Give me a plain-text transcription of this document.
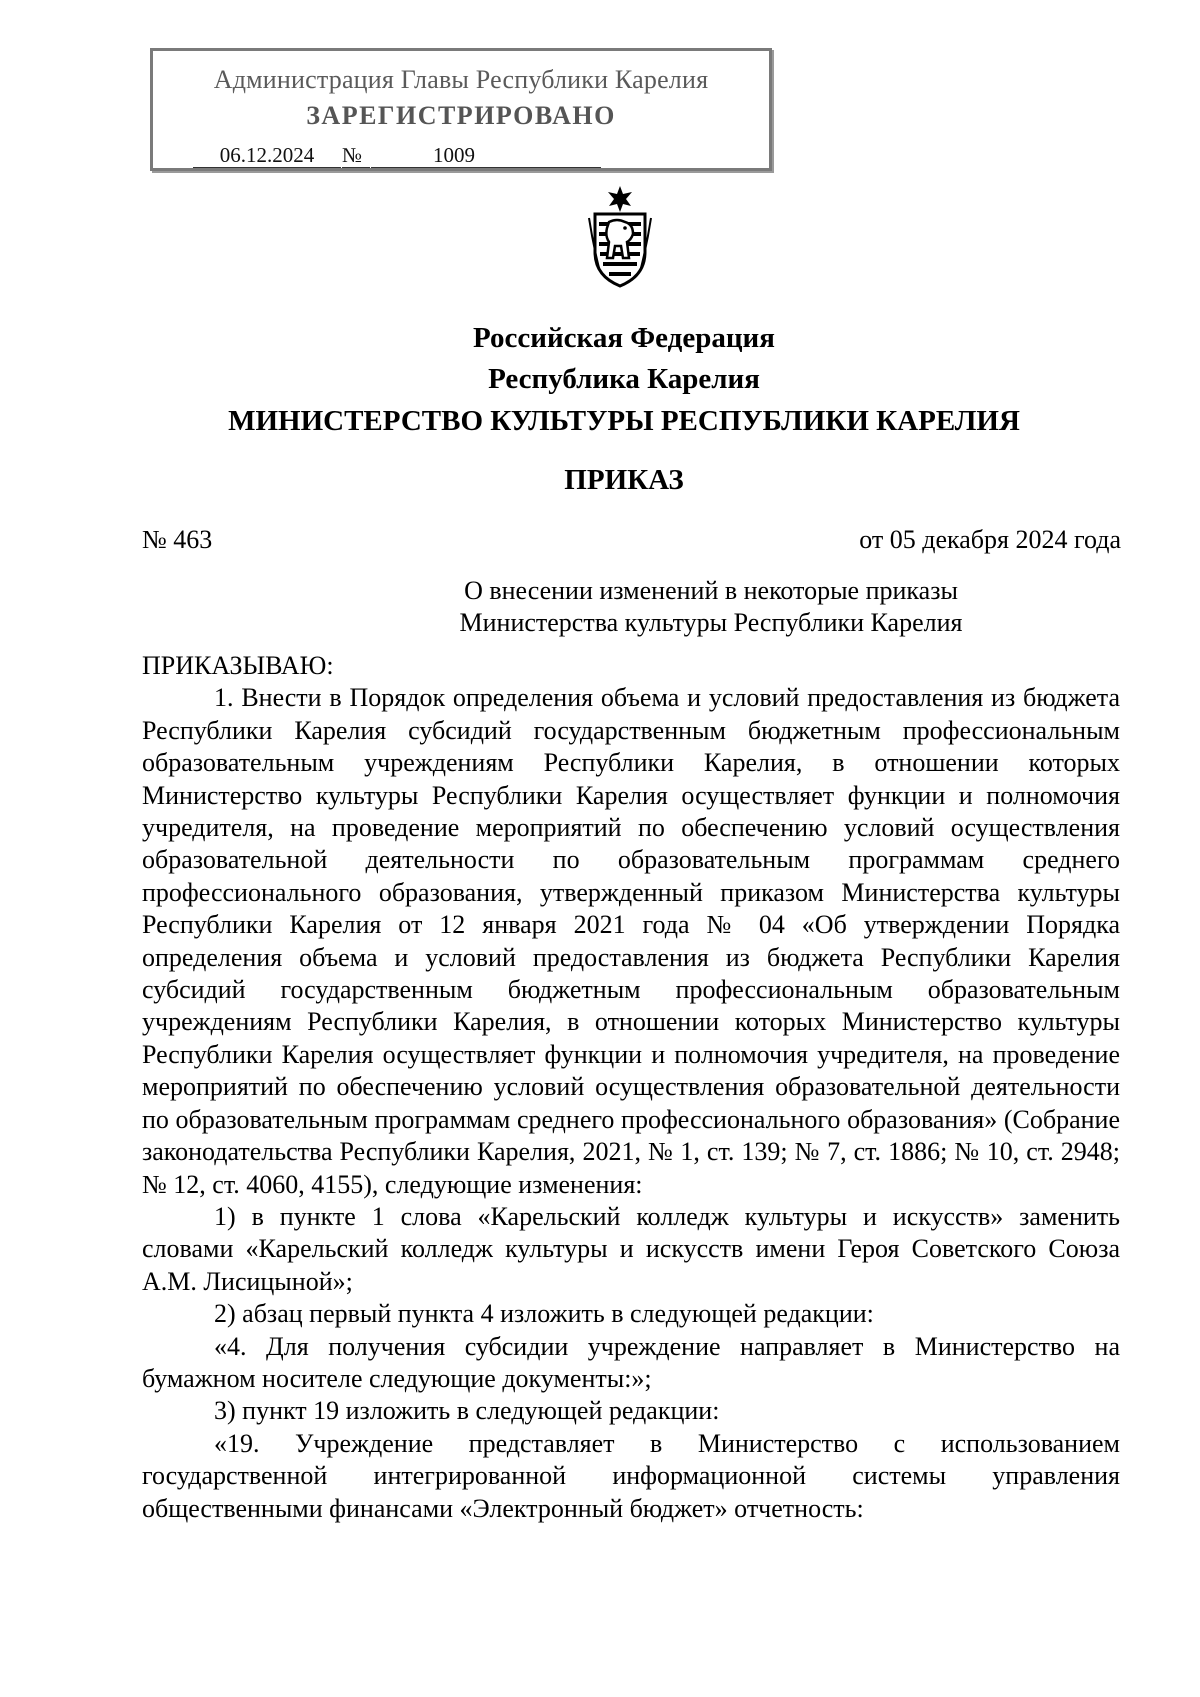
Администрация Главы Республики Карелия
ЗАРЕГИСТРИРОВАНО
06.12.2024	№	1009
Российская Федерация
Республика Карелия
МИНИСТЕРСТВО КУЛЬТУРЫ РЕСПУБЛИКИ КАРЕЛИЯ
ПРИКАЗ
№ 463	от 05 декабря 2024 года
О внесении изменений в некоторые приказы
Министерства культуры Республики Карелия

ПРИКАЗЫВАЮ:

1. Внести в Порядок определения объема и условий предоставления из бюджета Республики Карелия субсидий государственным бюджетным профессиональным образовательным учреждениям Республики Карелия, в отношении которых Министерство культуры Республики Карелия осуществляет функции и полномочия учредителя, на проведение мероприятий по обеспечению условий осуществления образовательной деятельности по образовательным программам среднего профессионального образования, утвержденный приказом Министерства культуры Республики Карелия от 12 января 2021 года № 04 «Об утверждении Порядка определения объема и условий предоставления из бюджета Республики Карелия субсидий государственным бюджетным профессиональным образовательным учреждениям Республики Карелия, в отношении которых Министерство культуры Республики Карелия осуществляет функции и полномочия учредителя, на проведение мероприятий по обеспечению условий осуществления образовательной деятельности по образовательным программам среднего профессионального образования» (Собрание законодательства Республики Карелия, 2021, № 1, ст. 139; № 7, ст. 1886; № 10, ст. 2948; № 12, ст. 4060, 4155), следующие изменения:

1) в пункте 1 слова «Карельский колледж культуры и искусств» заменить словами «Карельский колледж культуры и искусств имени Героя Советского Союза А.М. Лисицыной»;

2) абзац первый пункта 4 изложить в следующей редакции:

«4. Для получения субсидии учреждение направляет в Министерство на бумажном носителе следующие документы:»;

3) пункт 19 изложить в следующей редакции:

«19. Учреждение представляет в Министерство с использованием государственной интегрированной информационной системы управления общественными финансами «Электронный бюджет» отчетность:
